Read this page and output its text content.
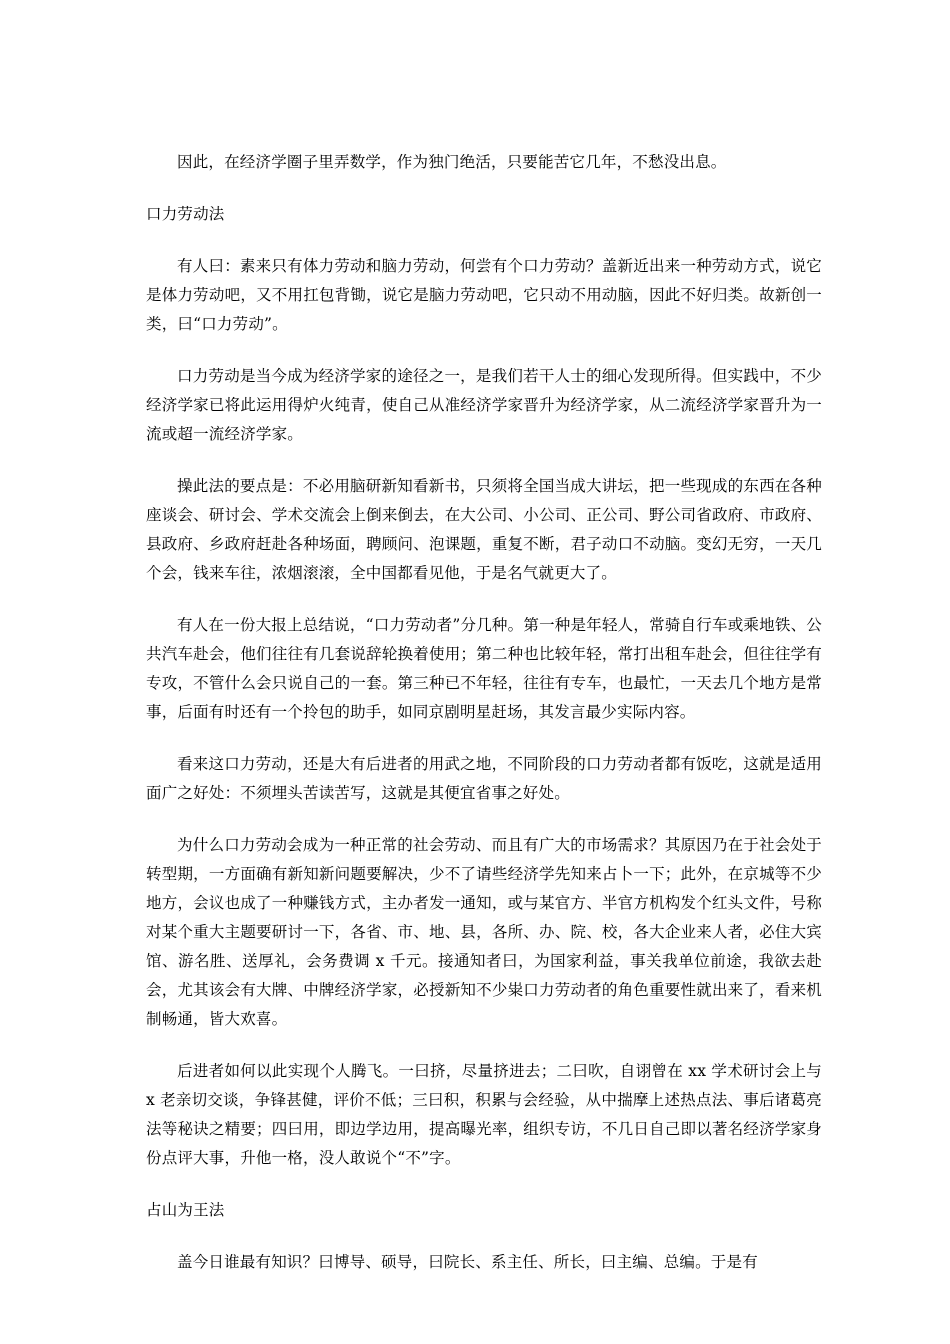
因此，在经济学圈子里弄数学，作为独门绝活，只要能苦它几年，不愁没出息。

口力劳动法

有人曰：素来只有体力劳动和脑力劳动，何尝有个口力劳动？盖新近出来一种劳动方式，说它是体力劳动吧，又不用扛包背锄，说它是脑力劳动吧，它只动不用动脑，因此不好归类。故新创一类，曰“口力劳动”。

口力劳动是当今成为经济学家的途径之一，是我们若干人士的细心发现所得。但实践中，不少经济学家已将此运用得炉火纯青，使自己从准经济学家晋升为经济学家，从二流经济学家晋升为一流或超一流经济学家。

操此法的要点是：不必用脑研新知看新书，只须将全国当成大讲坛，把一些现成的东西在各种座谈会、研讨会、学术交流会上倒来倒去，在大公司、小公司、正公司、野公司省政府、市政府、县政府、乡政府赶赴各种场面，聘顾问、泡课题，重复不断，君子动口不动脑。变幻无穷，一天几个会，钱来车往，浓烟滚滚，全中国都看见他，于是名气就更大了。

有人在一份大报上总结说，“口力劳动者”分几种。第一种是年轻人，常骑自行车或乘地铁、公共汽车赴会，他们往往有几套说辞轮换着使用；第二种也比较年轻，常打出租车赴会，但往往学有专攻，不管什么会只说自己的一套。第三种已不年轻，往往有专车，也最忙，一天去几个地方是常事，后面有时还有一个拎包的助手，如同京剧明星赶场，其发言最少实际内容。

看来这口力劳动，还是大有后进者的用武之地，不同阶段的口力劳动者都有饭吃，这就是适用面广之好处：不须埋头苦读苦写，这就是其便宜省事之好处。

为什么口力劳动会成为一种正常的社会劳动、而且有广大的市场需求？其原因乃在于社会处于转型期，一方面确有新知新问题要解决，少不了请些经济学先知来占卜一下；此外，在京城等不少地方，会议也成了一种赚钱方式，主办者发一通知，或与某官方、半官方机构发个红头文件，号称对某个重大主题要研讨一下，各省、市、地、县，各所、办、院、校，各大企业来人者，必住大宾馆、游名胜、送厚礼，会务费调 x 千元。接通知者曰，为国家利益，事关我单位前途，我欲去赴会，尤其该会有大牌、中牌经济学家，必授新知不少粜口力劳动者的角色重要性就出来了，看来机制畅通，皆大欢喜。

后进者如何以此实现个人腾飞。一曰挤，尽量挤进去；二曰吹，自诩曾在 xx 学术研讨会上与 x 老亲切交谈，争锋甚健，评价不低；三曰积，积累与会经验，从中揣摩上述热点法、事后诸葛亮法等秘诀之精要；四曰用，即边学边用，提高曝光率，组织专访，不几日自己即以著名经济学家身份点评大事，升他一格，没人敢说个“不”字。

占山为王法

盖今日谁最有知识？曰博导、硕导，曰院长、系主任、所长，曰主编、总编。于是有
